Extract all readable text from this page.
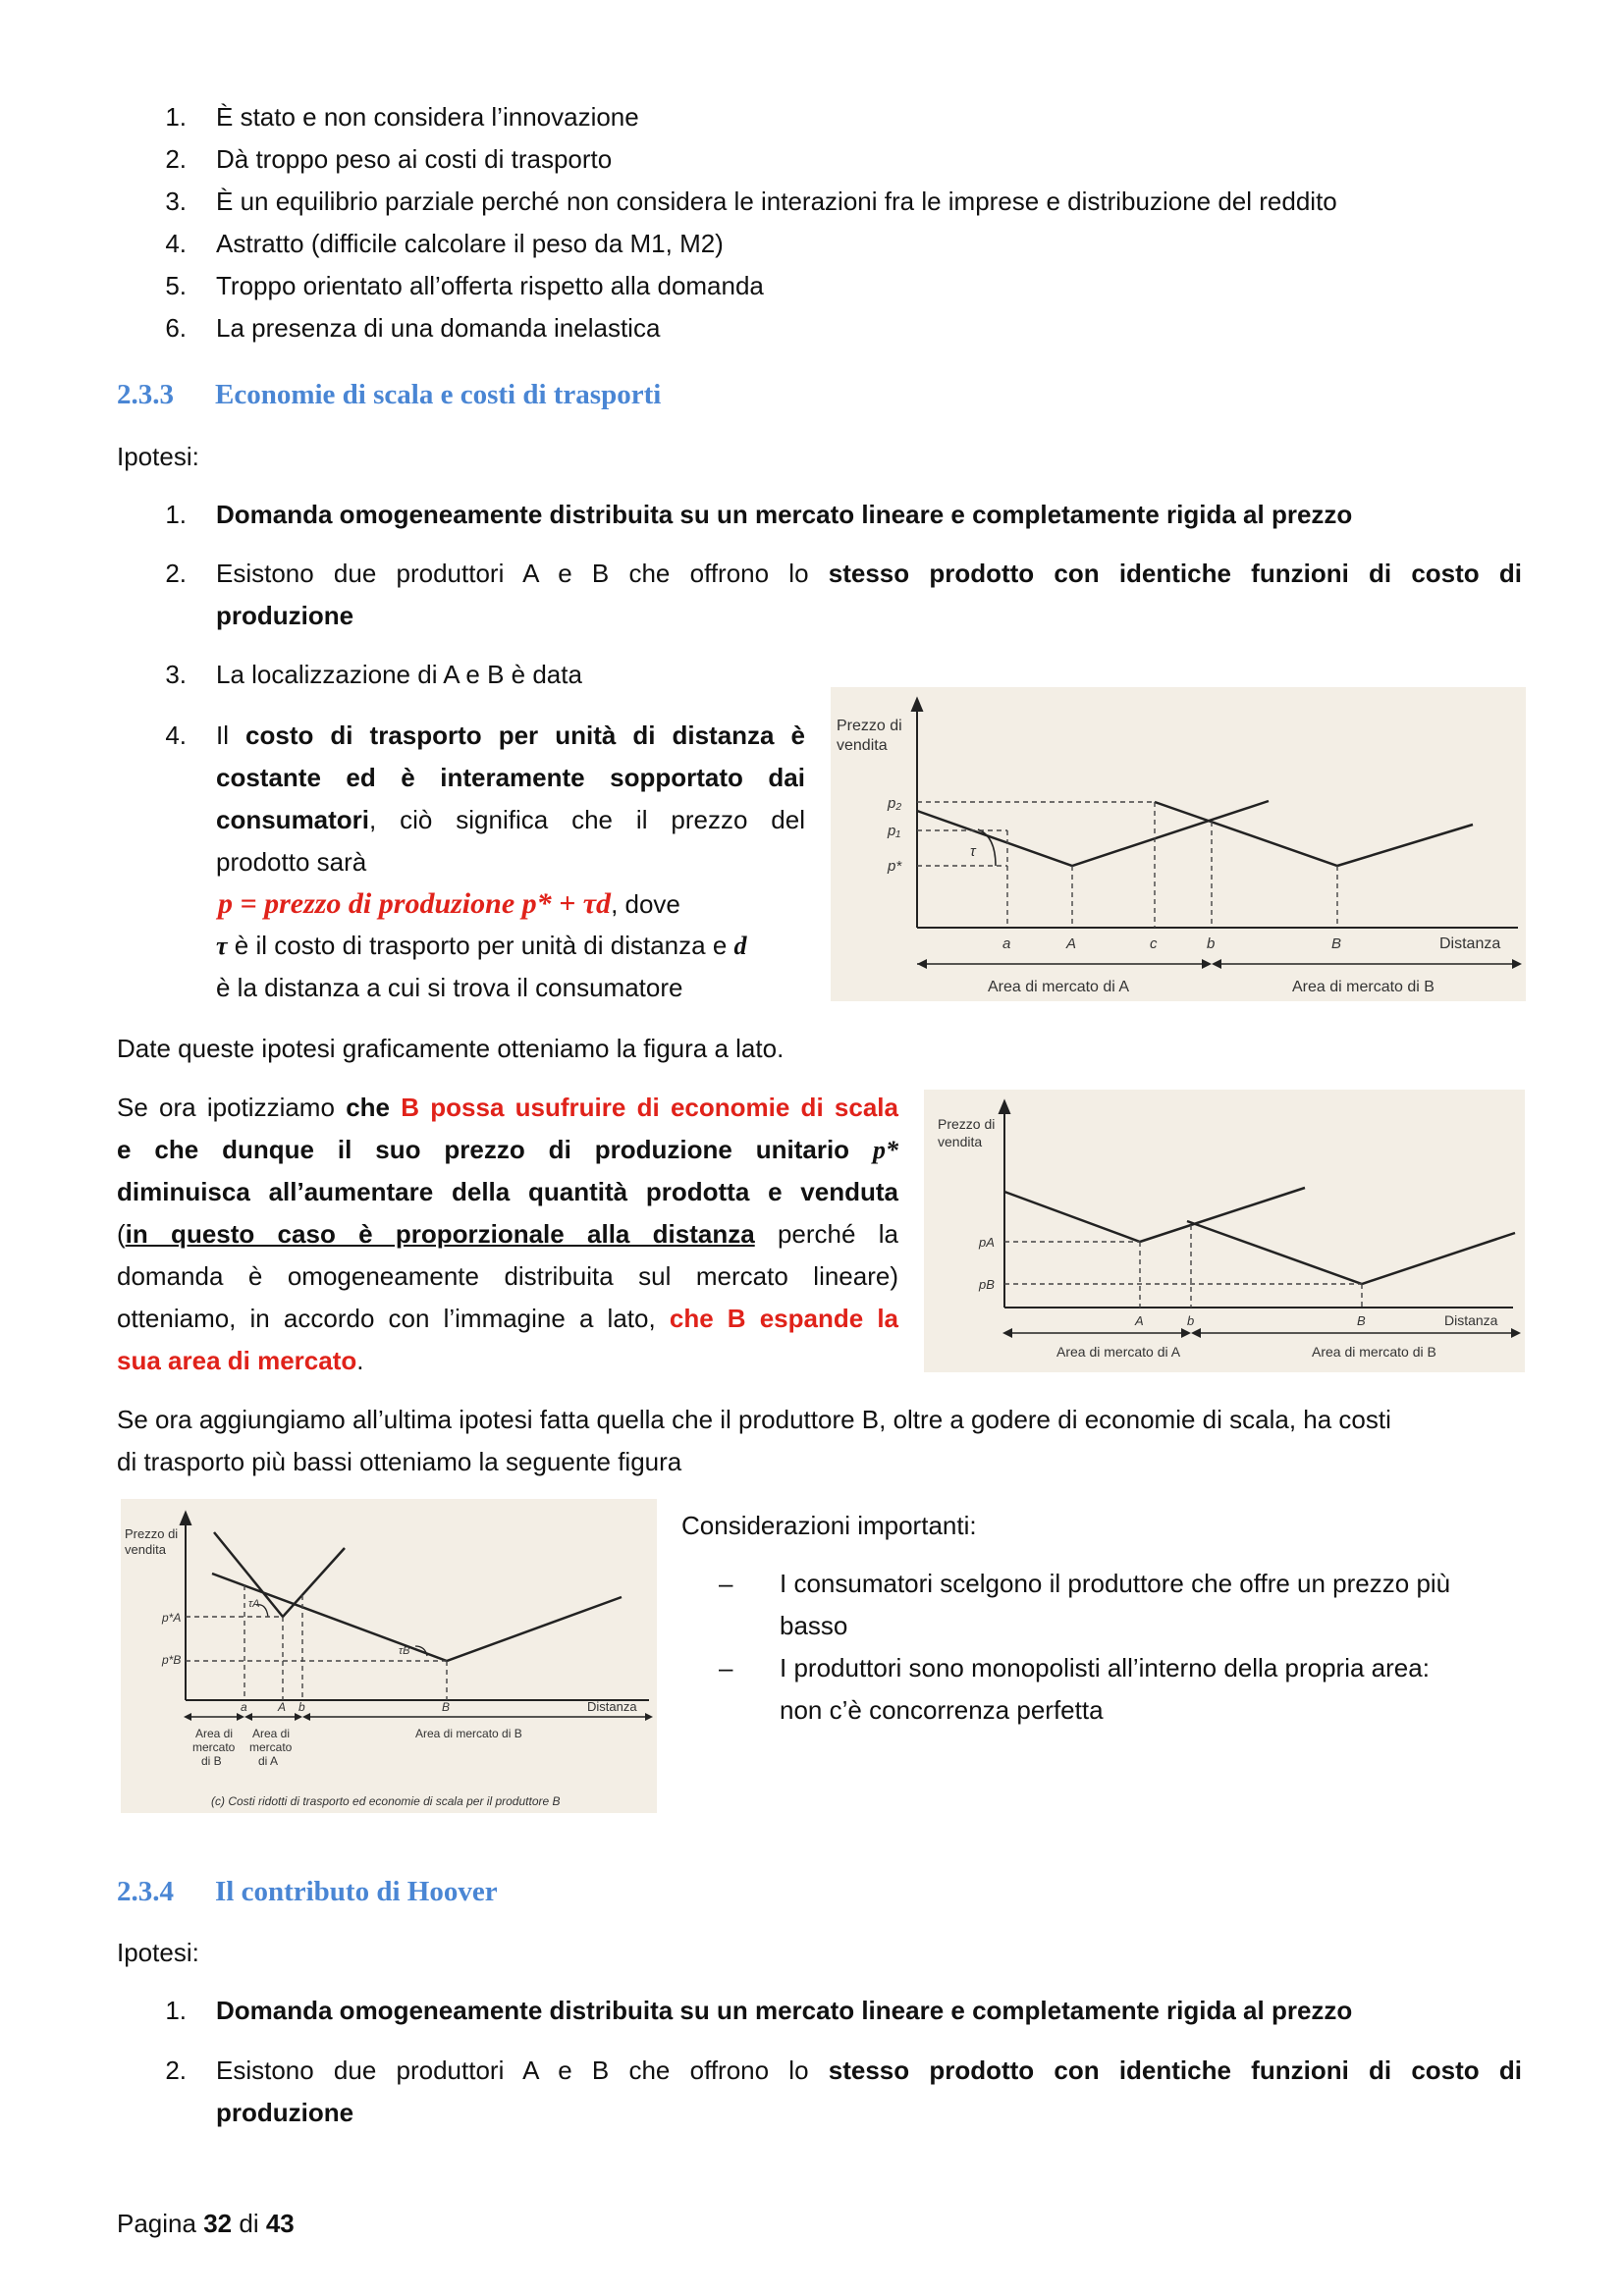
1. È stato e non considera l’innovazione
2. Dà troppo peso ai costi di trasporto
3. È un equilibrio parziale perché non considera le interazioni fra le imprese e distribuzione del reddito
4. Astratto (difficile calcolare il peso da M1, M2)
5. Troppo orientato all’offerta rispetto alla domanda
6. La presenza di una domanda inelastica
2.3.3 Economie di scala e costi di trasporti
Ipotesi:
1. Domanda omogeneamente distribuita su un mercato lineare e completamente rigida al prezzo
2. Esistono due produttori A e B che offrono lo stesso prodotto con identiche funzioni di costo di
produzione
3. La localizzazione di A e B è data
4. Il costo di trasporto per unità di distanza è
costante ed è interamente sopportato dai
consumatori, ciò significa che il prezzo del
prodotto sarà
p = prezzo di produzione p* + τd, dove
τ è il costo di trasporto per unità di distanza e d
è la distanza a cui si trova il consumatore
Prezzo di
vendita
p₂
p₁
p*
τ
a	A	c	b	B	Distanza
Area di mercato di A	Area di mercato di B
Date queste ipotesi graficamente otteniamo la figura a lato.
Se ora ipotizziamo che B possa usufruire di economie di scala
e che dunque il suo prezzo di produzione unitario p*
diminuisca all’aumentare della quantità prodotta e venduta
(in questo caso è proporzionale alla distanza perché la
domanda è omogeneamente distribuita sul mercato lineare)
otteniamo, in accordo con l’immagine a lato, che B espande la
sua area di mercato.
Prezzo di
vendita
pA
pB
A	b	B	Distanza
Area di mercato di A	Area di mercato di B
Se ora aggiungiamo all’ultima ipotesi fatta quella che il produttore B, oltre a godere di economie di scala, ha costi
di trasporto più bassi otteniamo la seguente figura
Prezzo di
vendita
p*A
p*B
τA
τB
a	A b	B	Distanza
Area di
mercato
di B
Area di
mercato
di A
Area di mercato di B
(c) Costi ridotti di trasporto ed economie di scala per il produttore B
Considerazioni importanti:
– I consumatori scelgono il produttore che offre un prezzo più
basso
– I produttori sono monopolisti all’interno della propria area:
non c’è concorrenza perfetta
2.3.4 Il contributo di Hoover
Ipotesi:
1. Domanda omogeneamente distribuita su un mercato lineare e completamente rigida al prezzo
2. Esistono due produttori A e B che offrono lo stesso prodotto con identiche funzioni di costo di
produzione
Pagina 32 di 43
